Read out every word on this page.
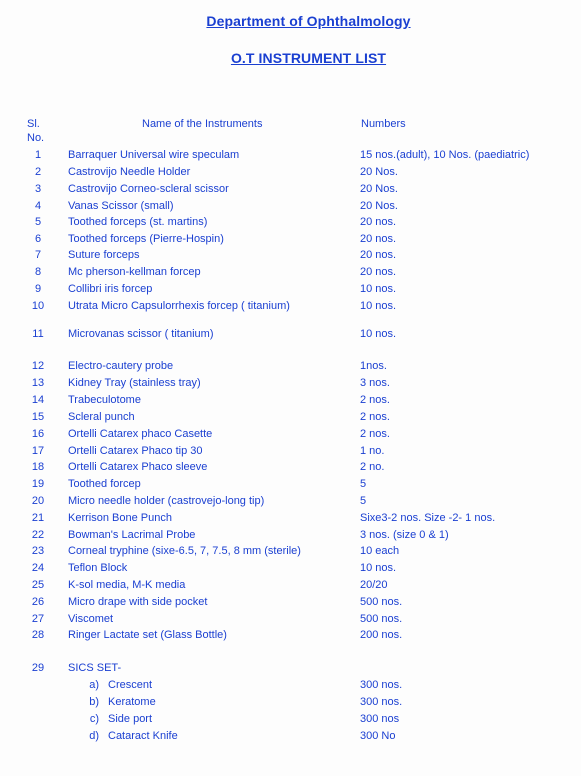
Department of Ophthalmology
O.T INSTRUMENT LIST
Sl.
No.
Name of the Instruments	Numbers
1	Barraquer Universal wire speculam	15 nos.(adult), 10 Nos. (paediatric)
2	Castrovijo Needle Holder	20 Nos.
3	Castrovijo Corneo-scleral scissor	20 Nos.
4	Vanas Scissor (small)	20 Nos.
5	Toothed forceps (st. martins)	20 nos.
6	Toothed forceps (Pierre-Hospin)	20 nos.
7	Suture forceps	20 nos.
8	Mc pherson-kellman forcep	20 nos.
9	Collibri iris forcep	10 nos.
10	Utrata Micro Capsulorrhexis forcep ( titanium)	10 nos.
11	Microvanas scissor ( titanium)	10 nos.
12	Electro-cautery probe	1nos.
13	Kidney Tray (stainless tray)	3 nos.
14	Trabeculotome	2 nos.
15	Scleral punch	2 nos.
16	Ortelli Catarex phaco Casette	2 nos.
17	Ortelli Catarex Phaco tip 30	1 no.
18	Ortelli Catarex Phaco sleeve	2 no.
19	Toothed forcep	5
20	Micro needle holder (castrovejo-long tip)	5
21	Kerrison Bone Punch	Sixe3-2 nos. Size -2- 1 nos.
22	Bowman's Lacrimal Probe	3 nos. (size 0 & 1)
23	Corneal tryphine (sixe-6.5, 7, 7.5, 8 mm (sterile)	10 each
24	Teflon Block	10 nos.
25	K-sol media, M-K media	20/20
26	Micro drape with side pocket	500 nos.
27	Viscomet	500 nos.
28	Ringer Lactate set (Glass Bottle)	200 nos.
29	SICS SET-
a) Crescent	300 nos.
b) Keratome	300 nos.
c) Side port	300 nos
d) Cataract Knife	300 No
